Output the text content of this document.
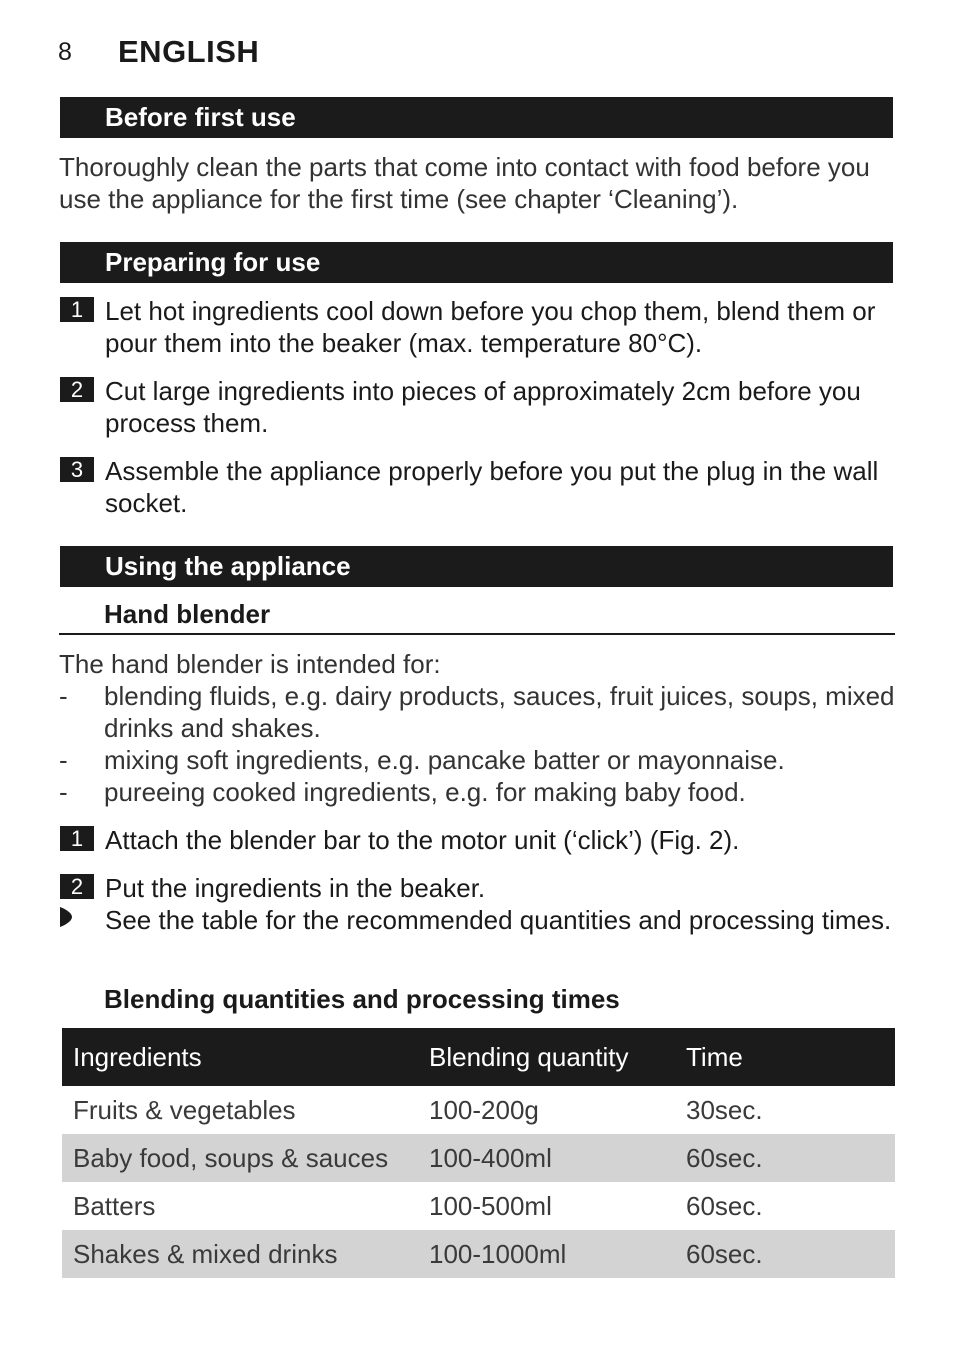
8 ENGLISH
Before first use
Thoroughly clean the parts that come into contact with food before you use the appliance for the first time (see chapter ‘Cleaning’).
Preparing for use
1 Let hot ingredients cool down before you chop them, blend them or pour them into the beaker (max. temperature 80°C).
2 Cut large ingredients into pieces of approximately 2cm before you process them.
3 Assemble the appliance properly before you put the plug in the wall socket.
Using the appliance
Hand blender
The hand blender is intended for:
-	blending fluids, e.g. dairy products, sauces, fruit juices, soups, mixed drinks and shakes.
-	mixing soft ingredients, e.g. pancake batter or mayonnaise.
-	pureeing cooked ingredients, e.g. for making baby food.
1 Attach the blender bar to the motor unit (‘click’) (Fig. 2).
2 Put the ingredients in the beaker.
See the table for the recommended quantities and processing times.
Blending quantities and processing times
Ingredients	Blending quantity	Time
Fruits & vegetables	100-200g	30sec.
Baby food, soups & sauces	100-400ml	60sec.
Batters	100-500ml	60sec.
Shakes & mixed drinks	100-1000ml	60sec.
